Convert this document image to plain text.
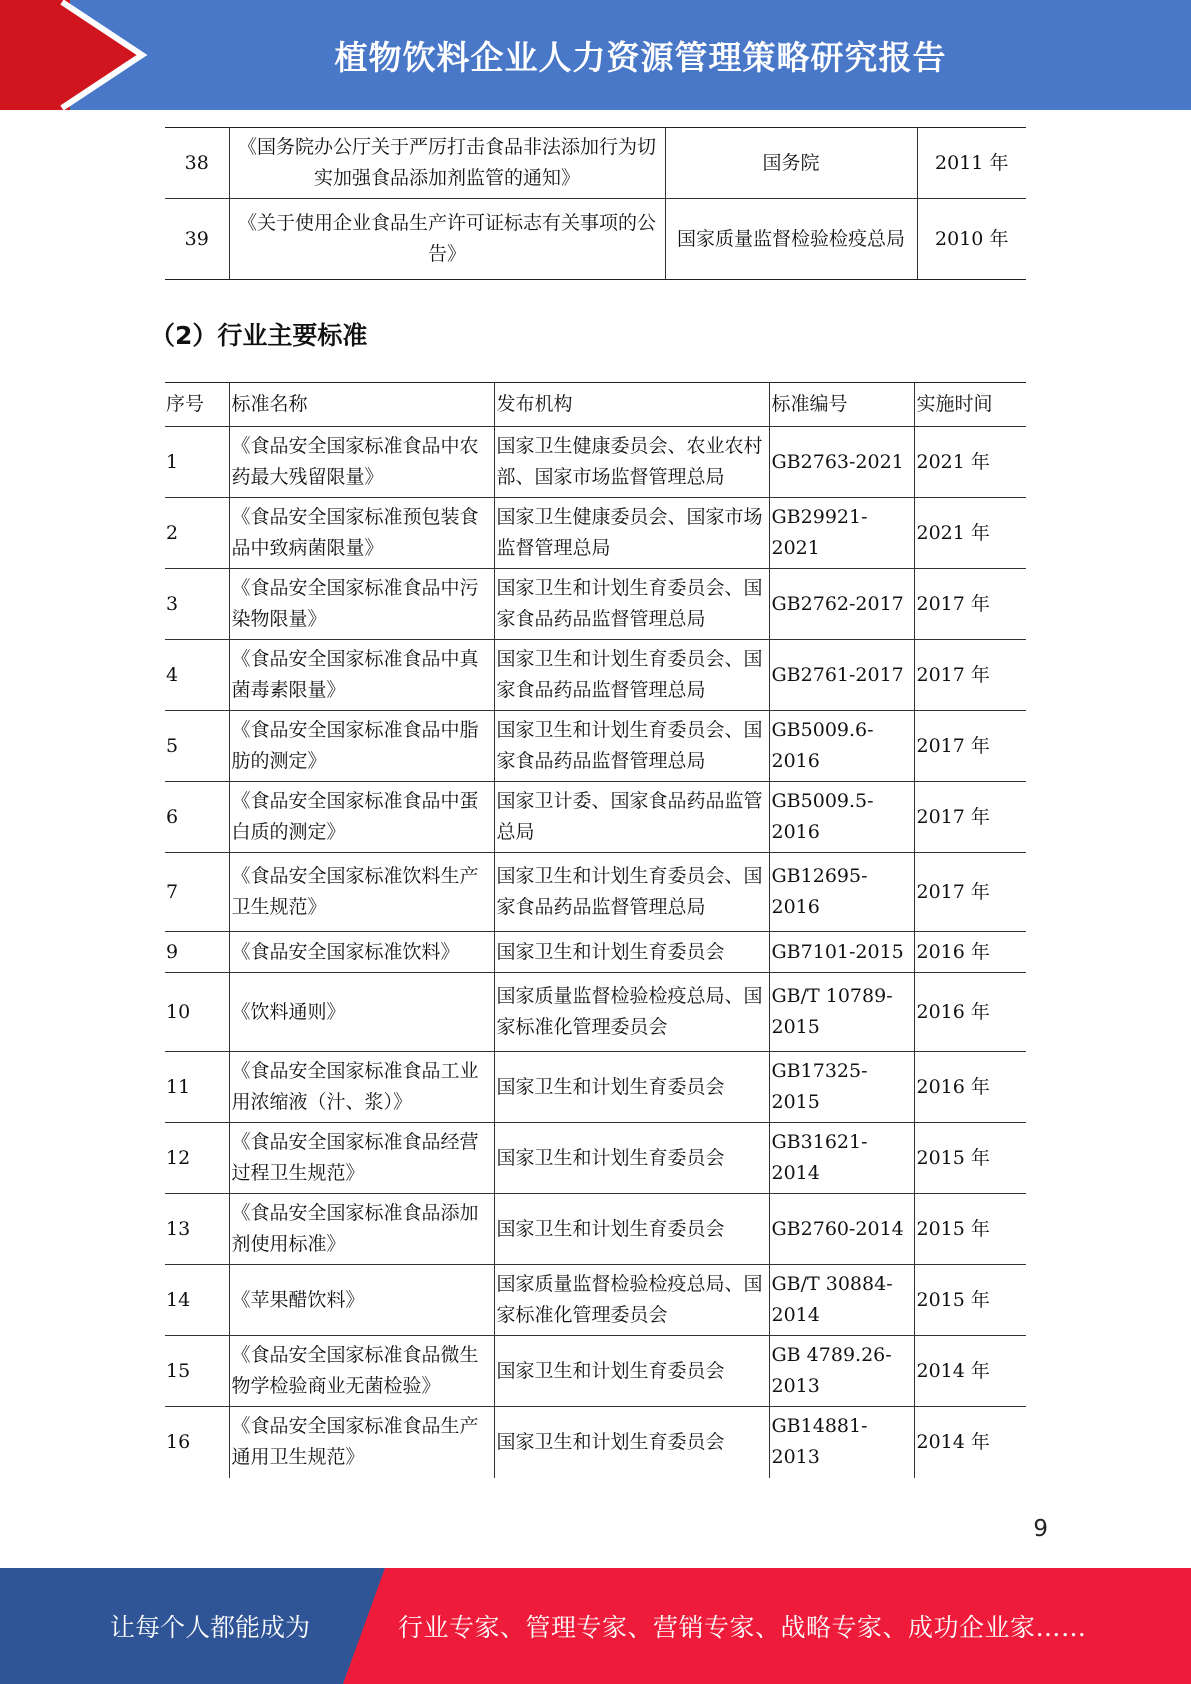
植物饮料企业人力资源管理策略研究报告
38	《国务院办公厅关于严厉打击食品非法添加行为切实加强食品添加剂监管的通知》	国务院	2011 年
39	《关于使用企业食品生产许可证标志有关事项的公告》	国家质量监督检验检疫总局	2010 年
（2）行业主要标准
序号	标准名称	发布机构	标准编号	实施时间
1	《食品安全国家标准食品中农药最大残留限量》	国家卫生健康委员会、农业农村部、国家市场监督管理总局	GB2763-2021	2021 年
2	《食品安全国家标准预包装食品中致病菌限量》	国家卫生健康委员会、国家市场监督管理总局	GB29921-2021	2021 年
3	《食品安全国家标准食品中污染物限量》	国家卫生和计划生育委员会、国家食品药品监督管理总局	GB2762-2017	2017 年
4	《食品安全国家标准食品中真菌毒素限量》	国家卫生和计划生育委员会、国家食品药品监督管理总局	GB2761-2017	2017 年
5	《食品安全国家标准食品中脂肪的测定》	国家卫生和计划生育委员会、国家食品药品监督管理总局	GB5009.6-2016	2017 年
6	《食品安全国家标准食品中蛋白质的测定》	国家卫计委、国家食品药品监管总局	GB5009.5-2016	2017 年
7	《食品安全国家标准饮料生产卫生规范》	国家卫生和计划生育委员会、国家食品药品监督管理总局	GB12695-2016	2017 年
9	《食品安全国家标准饮料》	国家卫生和计划生育委员会	GB7101-2015	2016 年
10	《饮料通则》	国家质量监督检验检疫总局、国家标准化管理委员会	GB/T 10789-2015	2016 年
11	《食品安全国家标准食品工业用浓缩液（汁、浆）》	国家卫生和计划生育委员会	GB17325-2015	2016 年
12	《食品安全国家标准食品经营过程卫生规范》	国家卫生和计划生育委员会	GB31621-2014	2015 年
13	《食品安全国家标准食品添加剂使用标准》	国家卫生和计划生育委员会	GB2760-2014	2015 年
14	《苹果醋饮料》	国家质量监督检验检疫总局、国家标准化管理委员会	GB/T 30884-2014	2015 年
15	《食品安全国家标准食品微生物学检验商业无菌检验》	国家卫生和计划生育委员会	GB 4789.26-2013	2014 年
16	《食品安全国家标准食品生产通用卫生规范》	国家卫生和计划生育委员会	GB14881-2013	2014 年
9
让每个人都能成为	行业专家、管理专家、营销专家、战略专家、成功企业家……
